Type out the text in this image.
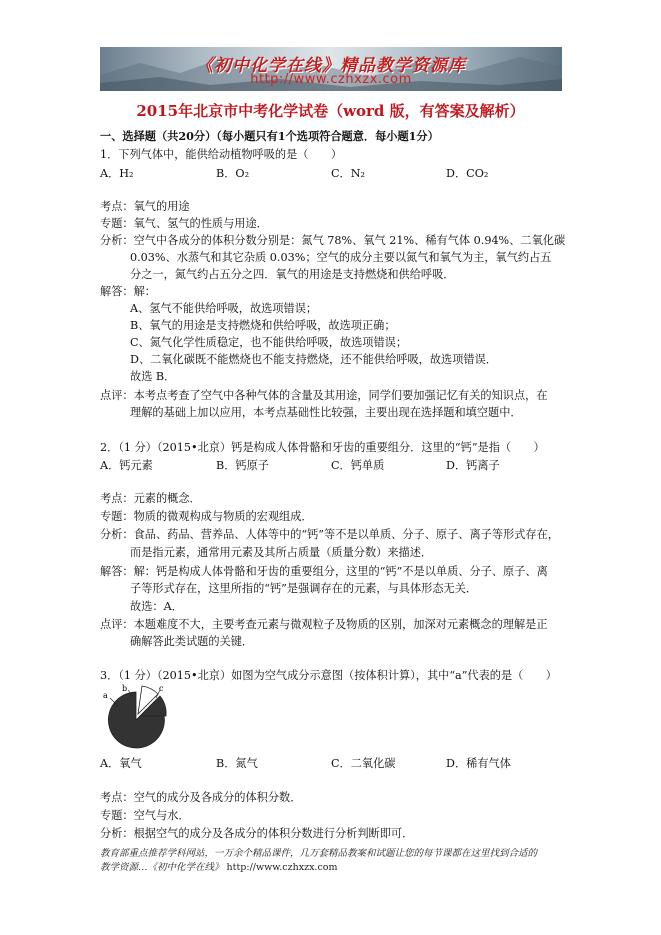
《初中化学在线》精品教学资源库
http://www.czhxzx.com
2015年北京市中考化学试卷（word 版，有答案及解析）
一、选择题（共20分）（每小题只有1个选项符合题意．每小题1分）
1．下列气体中，能供给动植物呼吸的是（　　）
A．H₂	B．O₂	C．N₂	D．CO₂
考点：氧气的用途
专题：氧气、氢气的性质与用途．
分析：空气中各成分的体积分数分别是：氮气 78%、氧气 21%、稀有气体 0.94%、二氧化碳
0.03%、水蒸气和其它杂质 0.03%；空气的成分主要以氮气和氧气为主，氧气约占五
分之一，氮气约占五分之四．氧气的用途是支持燃烧和供给呼吸．
解答：解：
A、氢气不能供给呼吸，故选项错误；
B、氧气的用途是支持燃烧和供给呼吸，故选项正确；
C、氮气化学性质稳定，也不能供给呼吸，故选项错误；
D、二氧化碳既不能燃烧也不能支持燃烧，还不能供给呼吸，故选项错误．
故选 B．
点评：本考点考查了空气中各种气体的含量及其用途，同学们要加强记忆有关的知识点，在
理解的基础上加以应用，本考点基础性比较强，主要出现在选择题和填空题中．
2．（1 分）（2015•北京）钙是构成人体骨骼和牙齿的重要组分．这里的“钙”是指（　　）
A．钙元素	B．钙原子	C．钙单质	D．钙离子
考点：元素的概念．
专题：物质的微观构成与物质的宏观组成．
分析：食品、药品、营养品、人体等中的“钙”等不是以单质、分子、原子、离子等形式存在，
而是指元素，通常用元素及其所占质量（质量分数）来描述．
解答：解：钙是构成人体骨骼和牙齿的重要组分，这里的“钙”不是以单质、分子、原子、离
子等形式存在，这里所指的“钙”是强调存在的元素，与具体形态无关．
故选：A．
点评：本题难度不大，主要考查元素与微观粒子及物质的区别，加深对元素概念的理解是正
确解答此类试题的关键．
3．（1 分）（2015•北京）如图为空气成分示意图（按体积计算），其中“a”代表的是（　　）
a
b	c
A．氧气	B．氮气	C．二氧化碳	D．稀有气体
考点：空气的成分及各成分的体积分数．
专题：空气与水．
分析：根据空气的成分及各成分的体积分数进行分析判断即可．
教育部重点推荐学科网站，一万余个精品课件，几万套精品教案和试题让您的每节课都在这里找到合适的
教学资源…《初中化学在线》 http://www.czhxzx.com
